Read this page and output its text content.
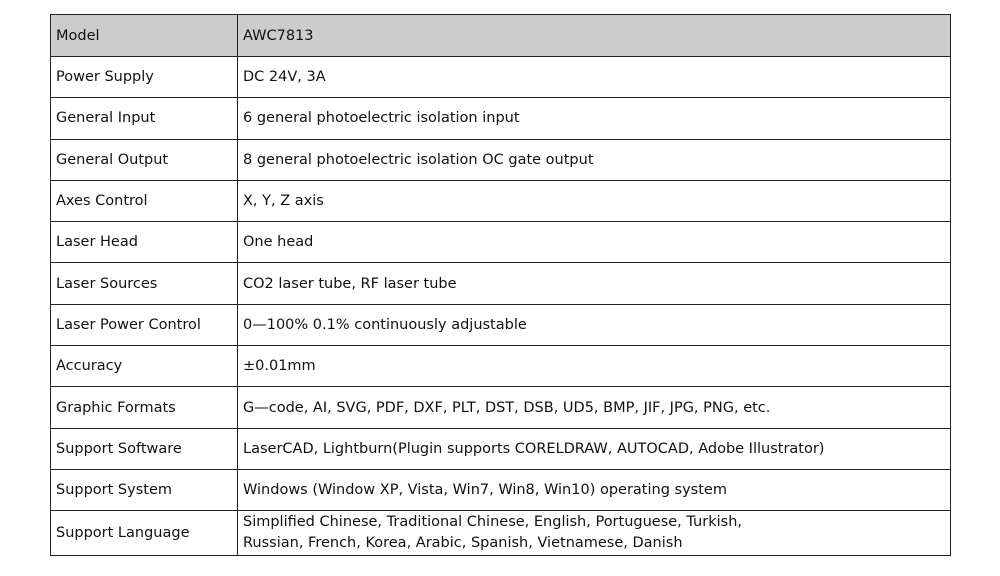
Model	AWC7813
Power Supply	DC 24V, 3A
General Input	6 general photoelectric isolation input
General Output	8 general photoelectric isolation OC gate output
Axes Control	X, Y, Z axis
Laser Head	One head
Laser Sources	CO2 laser tube, RF laser tube
Laser Power Control	0—100% 0.1% continuously adjustable
Accuracy	±0.01mm
Graphic Formats	G—code, AI, SVG, PDF, DXF, PLT, DST, DSB, UD5, BMP, JIF, JPG, PNG, etc.
Support Software	LaserCAD, Lightburn(Plugin supports CORELDRAW, AUTOCAD, Adobe Illustrator)
Support System	Windows (Window XP, Vista, Win7, Win8, Win10) operating system
Support Language	Simplified Chinese, Traditional Chinese, English, Portuguese, Turkish,
Russian, French, Korea, Arabic, Spanish, Vietnamese, Danish
